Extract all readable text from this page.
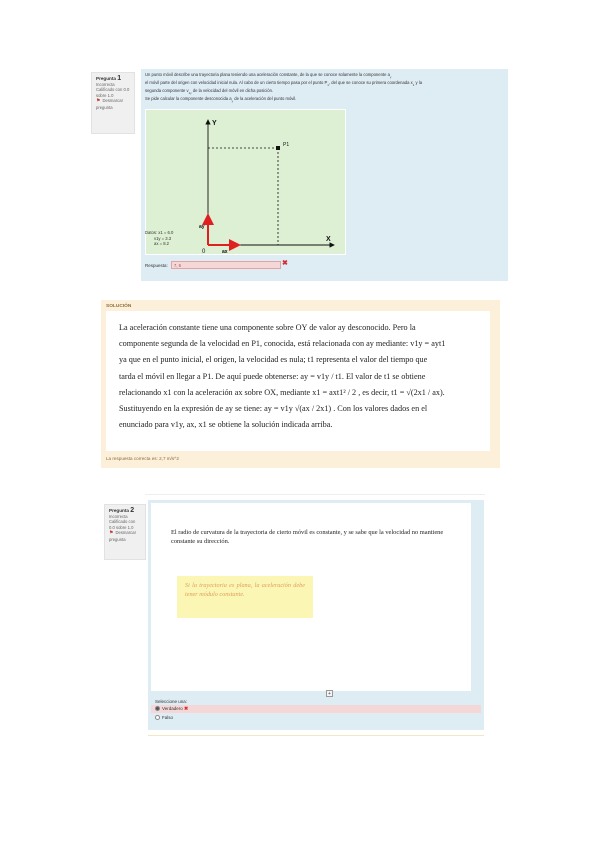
Pregunta 1
Incorrecta
Calificado con 0.0 sobre 1.0
⚑ Desmarcar pregunta
Un punto móvil describe una trayectoria plana teniendo una aceleración constante, de la que se conoce solamente la componente $a_y$
el móvil parte del origen con velocidad inicial nula. Al cabo de un cierto tiempo pasa por el punto $P_1$, del que se conoce su primera coordenada $x_1$ y la
segunda componente $v_{1y}$ de la velocidad del móvil en dicha posición.
Se pide calcular la componente desconocida $a_y$ de la aceleración del punto móvil.
Y
X
0
P1
ay
ax
Datos: x1 = 6.0
v1y = 3.3
ax = 8.2
Respuesta:	7, 6	✖
SOLUCIÓN

La aceleración constante tiene una componente sobre OY de valor ay desconocido. Pero la

componente segunda de la velocidad en P1, conocida, está relacionada con ay mediante: v1y = ayt1

ya que en el punto inicial, el origen, la velocidad es nula; t1 representa el valor del tiempo que

tarda el móvil en llegar a P1. De aquí puede obtenerse: ay = v1y / t1. El valor de t1 se obtiene

relacionando x1 con la aceleración ax sobre OX, mediante x1 = axt1² / 2 , es decir, t1 = √(2x1 / ax).

Sustituyendo en la expresión de ay se tiene: ay = v1y √(ax / 2x1) . Con los valores dados en el

enunciado para v1y, ax, x1 se obtiene la solución indicada arriba.

La respuesta correcta es: 2,7 m/s^2
Pregunta 2
Incorrecta
Calificado con 0.0 sobre 1.0
⚑ Desmarcar pregunta
El radio de curvatura de la trayectoria de cierto móvil es constante, y se sabe que la velocidad no mantiene constante su dirección.
Si la trayectoria es plana, la aceleración debe tener módulo constante.
+
Seleccione una:
Verdadero ✖
Falso
